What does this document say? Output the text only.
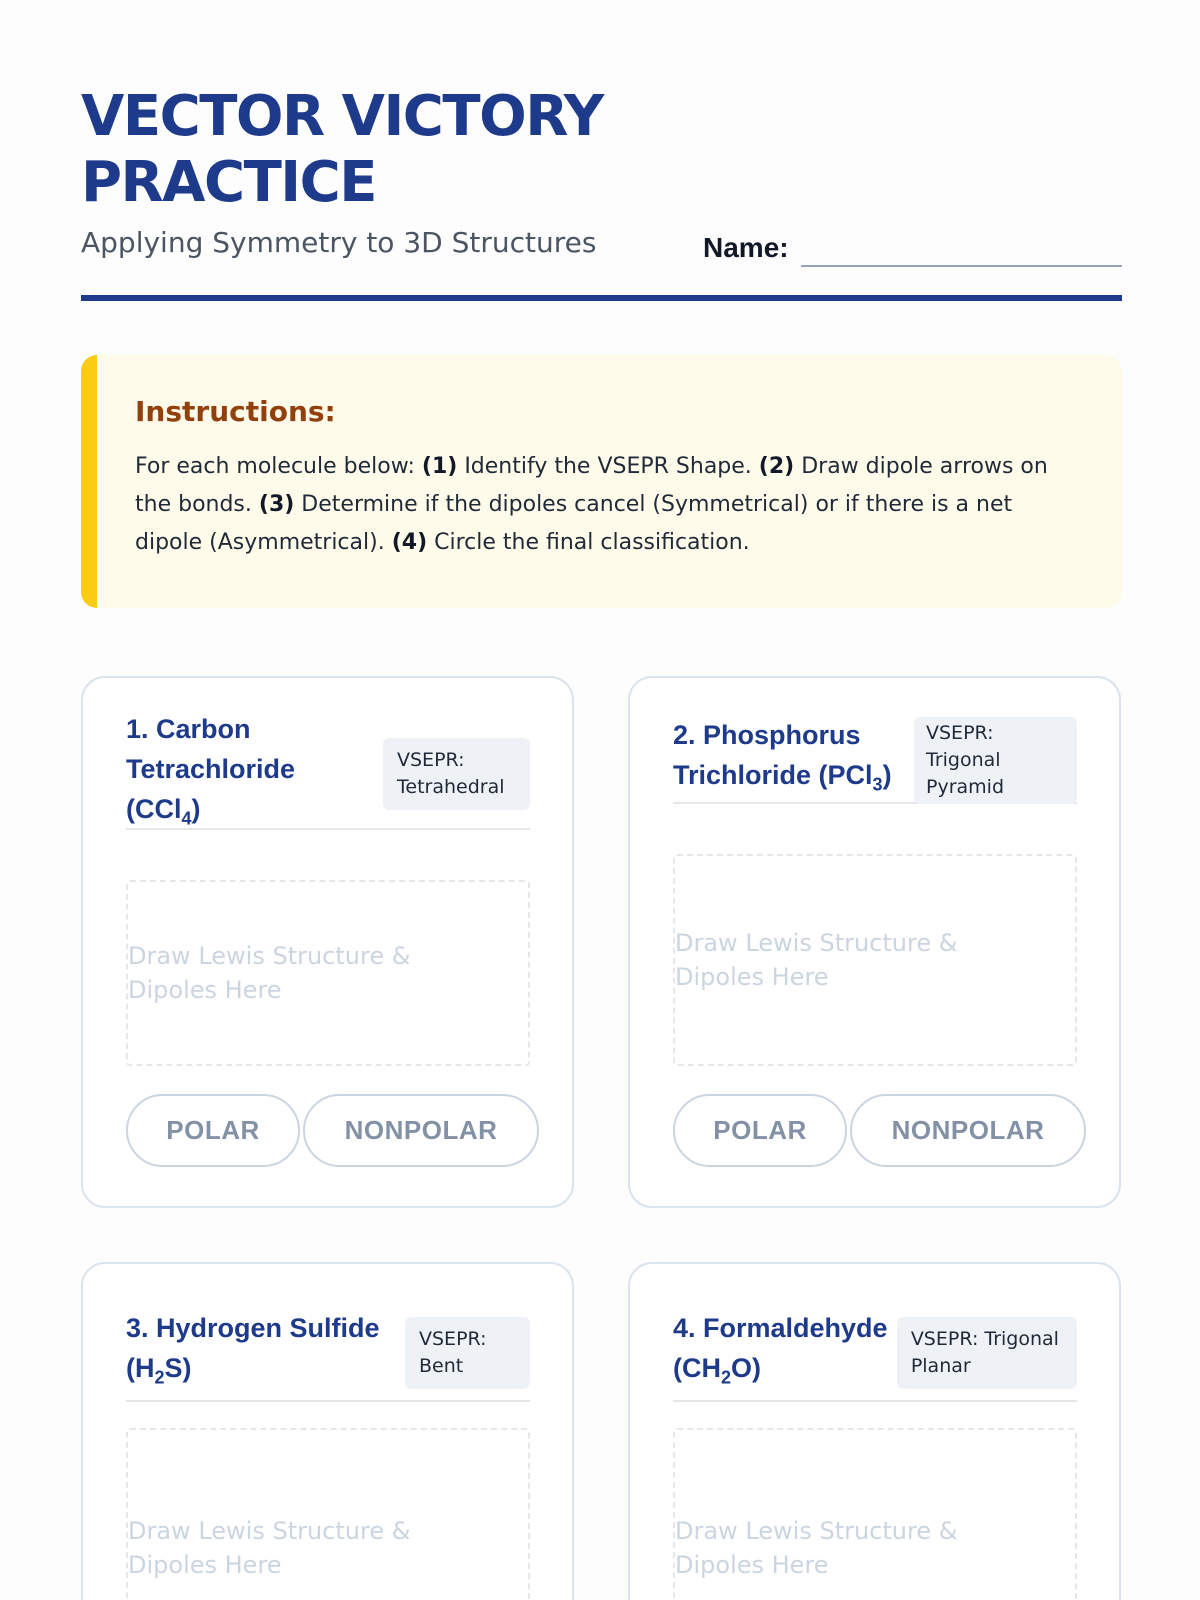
VECTOR VICTORY
PRACTICE
Applying Symmetry to 3D Structures	Name:
Instructions:

For each molecule below: (1) Identify the VSEPR Shape. (2) Draw dipole arrows on the bonds. (3) Determine if the dipoles cancel (Symmetrical) or if there is a net dipole (Asymmetrical). (4) Circle the final classification.

1. Carbon Tetrachloride (CCl$_4$)
VSEPR: Tetrahedral
Draw Lewis Structure & Dipoles Here
POLAR	NONPOLAR
2. Phosphorus Trichloride (PCl$_3$)
VSEPR: Trigonal Pyramid
Draw Lewis Structure & Dipoles Here
POLAR	NONPOLAR
3. Hydrogen Sulfide $(H_2S)$
VSEPR: Bent
Draw Lewis Structure & Dipoles Here
4. Formaldehyde $(CH_2O)$
VSEPR: Trigonal Planar
Draw Lewis Structure & Dipoles Here
